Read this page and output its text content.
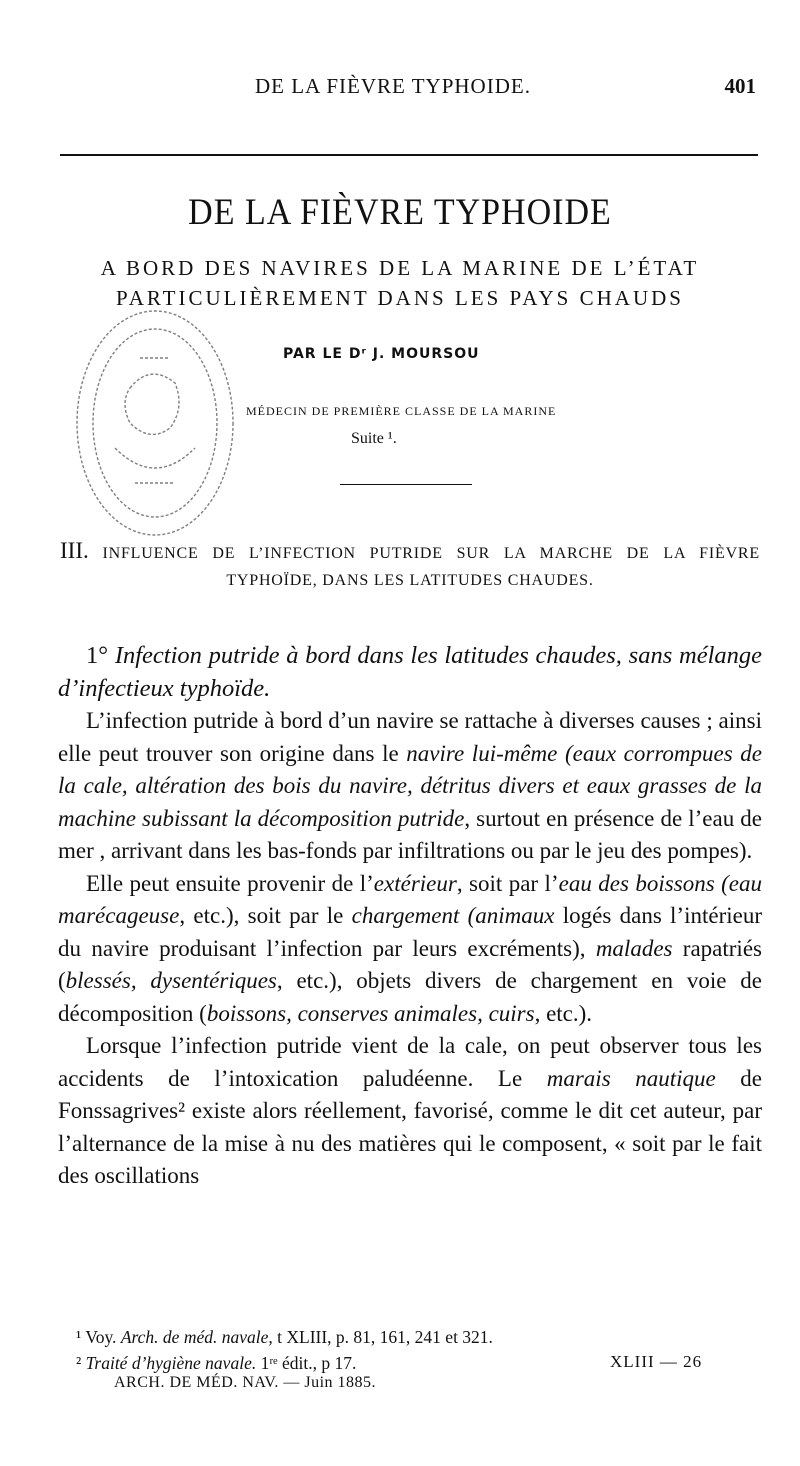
DE LA FIÈVRE TYPHOIDE.	401
DE LA FIÈVRE TYPHOIDE
A BORD DES NAVIRES DE LA MARINE DE L’ÉTAT
PARTICULIÈREMENT DANS LES PAYS CHAUDS
PAR LE Dʳ J. MOURSOU
MÉDECIN DE PREMIÈRE CLASSE DE LA MARINE
Suite ¹.
III. INFLUENCE DE L’INFECTION PUTRIDE SUR LA MARCHE DE LA FIÈVRE
TYPHOÏDE, DANS LES LATITUDES CHAUDES.

1° Infection putride à bord dans les latitudes chaudes, sans mélange d’infectieux typhoïde.

L’infection putride à bord d’un navire se rattache à diverses causes ; ainsi elle peut trouver son origine dans le navire lui-même (eaux corrompues de la cale, altération des bois du navire, détritus divers et eaux grasses de la machine subissant la décomposition putride, surtout en présence de l’eau de mer , arrivant dans les bas-fonds par infiltrations ou par le jeu des pompes).

Elle peut ensuite provenir de l’extérieur, soit par l’eau des boissons (eau marécageuse, etc.), soit par le chargement (animaux logés dans l’intérieur du navire produisant l’infection par leurs excréments), malades rapatriés (blessés, dysentériques, etc.), objets divers de chargement en voie de décomposition (boissons, conserves animales, cuirs, etc.).

Lorsque l’infection putride vient de la cale, on peut observer tous les accidents de l’intoxication paludéenne. Le marais nautique de Fonssagrives² existe alors réellement, favorisé, comme le dit cet auteur, par l’alternance de la mise à nu des matières qui le composent, « soit par le fait des oscillations

¹ Voy. Arch. de méd. navale, t XLIII, p. 81, 161, 241 et 321.
² Traité d’hygiène navale. 1ʳᵉ édit., p 17.
ARCH. DE MÉD. NAV. — Juin 1885.
XLIII — 26
